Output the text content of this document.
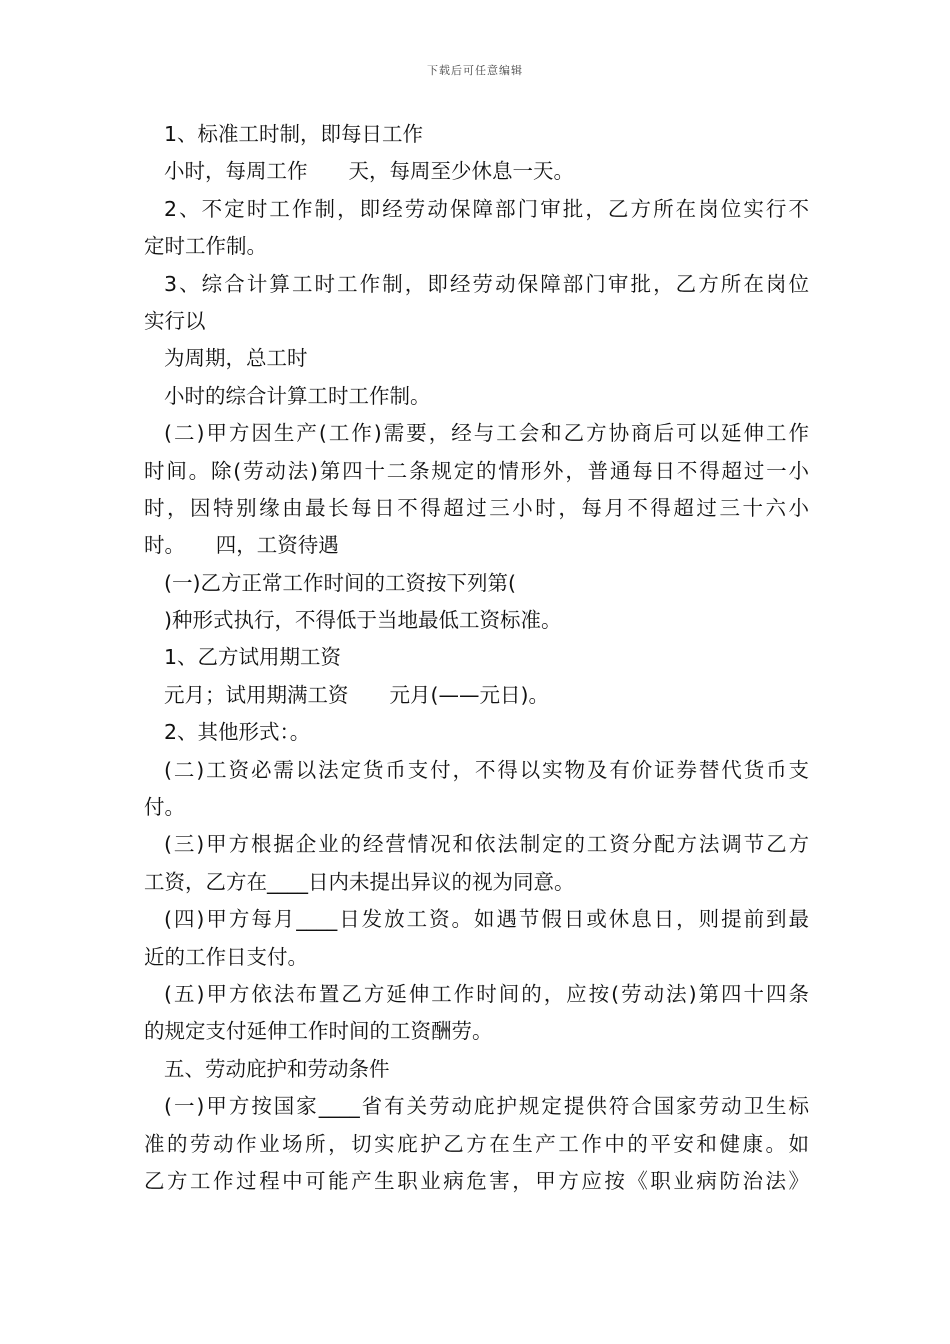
下载后可任意编辑
1、标准工时制，即每日工作
小时，每周工作　　天，每周至少休息一天。
2、不定时工作制，即经劳动保障部门审批，乙方所在岗位实行不
定时工作制。
3、综合计算工时工作制，即经劳动保障部门审批，乙方所在岗位
实行以
为周期，总工时
小时的综合计算工时工作制。
(二)甲方因生产(工作)需要，经与工会和乙方协商后可以延伸工作
时间。除(劳动法)第四十二条规定的情形外，普通每日不得超过一小
时，因特别缘由最长每日不得超过三小时，每月不得超过三十六小
时。　　四，工资待遇
(一)乙方正常工作时间的工资按下列第(
)种形式执行，不得低于当地最低工资标准。
1、乙方试用期工资
元月；试用期满工资　　元月(——元日)。
2、其他形式：。
(二)工资必需以法定货币支付，不得以实物及有价证券替代货币支
付。
(三)甲方根据企业的经营情况和依法制定的工资分配方法调节乙方
工资，乙方在____日内未提出异议的视为同意。
(四)甲方每月____日发放工资。如遇节假日或休息日，则提前到最
近的工作日支付。
(五)甲方依法布置乙方延伸工作时间的，应按(劳动法)第四十四条
的规定支付延伸工作时间的工资酬劳。
五、劳动庇护和劳动条件
(一)甲方按国家____省有关劳动庇护规定提供符合国家劳动卫生标
准的劳动作业场所，切实庇护乙方在生产工作中的平安和健康。如
乙方工作过程中可能产生职业病危害，甲方应按《职业病防治法》
